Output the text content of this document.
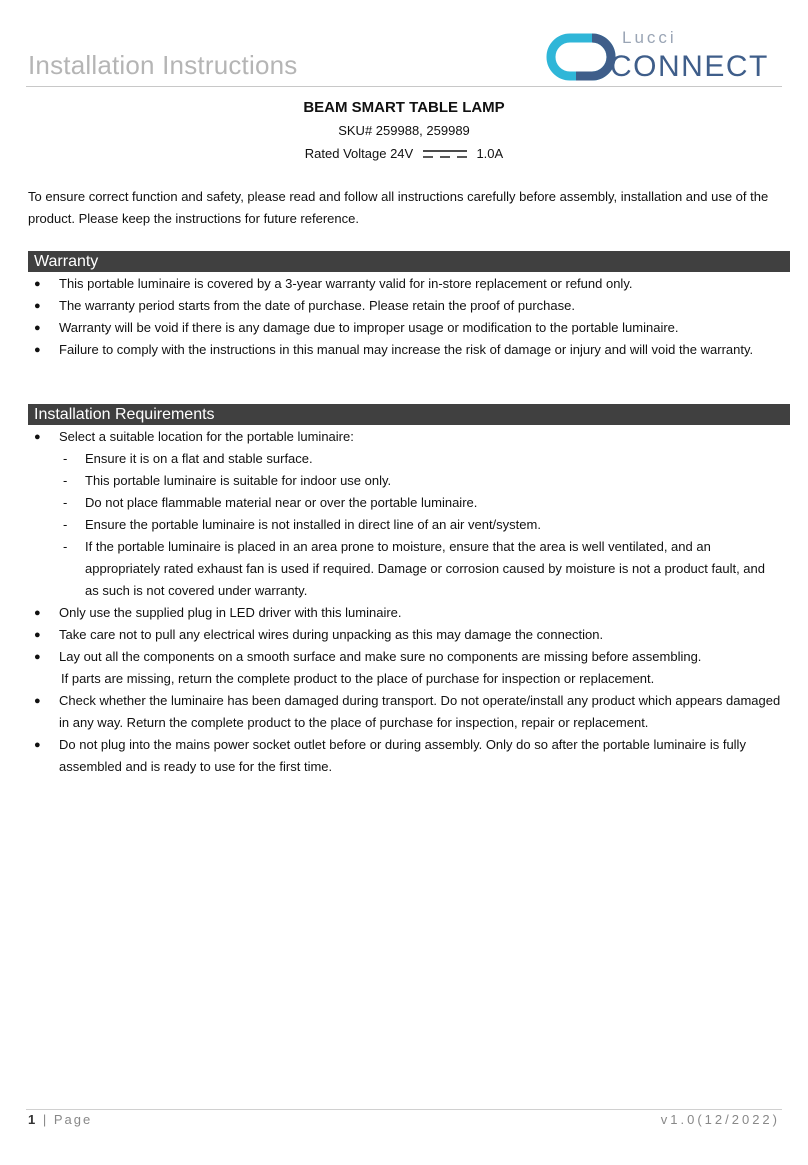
Installation Instructions
Lucci
CONNECT
BEAM SMART TABLE LAMP
SKU# 259988, 259989
Rated Voltage 24V	1.0A
To ensure correct function and safety, please read and follow all instructions carefully before assembly, installation and use of the product. Please keep the instructions for future reference.
Warranty
● This portable luminaire is covered by a 3-year warranty valid for in-store replacement or refund only.
● The warranty period starts from the date of purchase. Please retain the proof of purchase.
● Warranty will be void if there is any damage due to improper usage or modification to the portable luminaire.
● Failure to comply with the instructions in this manual may increase the risk of damage or injury and will void the warranty.
Installation Requirements
● Select a suitable location for the portable luminaire:
- Ensure it is on a flat and stable surface.
- This portable luminaire is suitable for indoor use only.
- Do not place flammable material near or over the portable luminaire.
- Ensure the portable luminaire is not installed in direct line of an air vent/system.
- If the portable luminaire is placed in an area prone to moisture, ensure that the area is well ventilated, and an appropriately rated exhaust fan is used if required. Damage or corrosion caused by moisture is not a product fault, and as such is not covered under warranty.
● Only use the supplied plug in LED driver with this luminaire.
● Take care not to pull any electrical wires during unpacking as this may damage the connection.
● Lay out all the components on a smooth surface and make sure no components are missing before assembling.
If parts are missing, return the complete product to the place of purchase for inspection or replacement.
● Check whether the luminaire has been damaged during transport. Do not operate/install any product which appears damaged in any way. Return the complete product to the place of purchase for inspection, repair or replacement.
● Do not plug into the mains power socket outlet before or during assembly. Only do so after the portable luminaire is fully assembled and is ready to use for the first time.
1 | Page	v1.0(12/2022)
